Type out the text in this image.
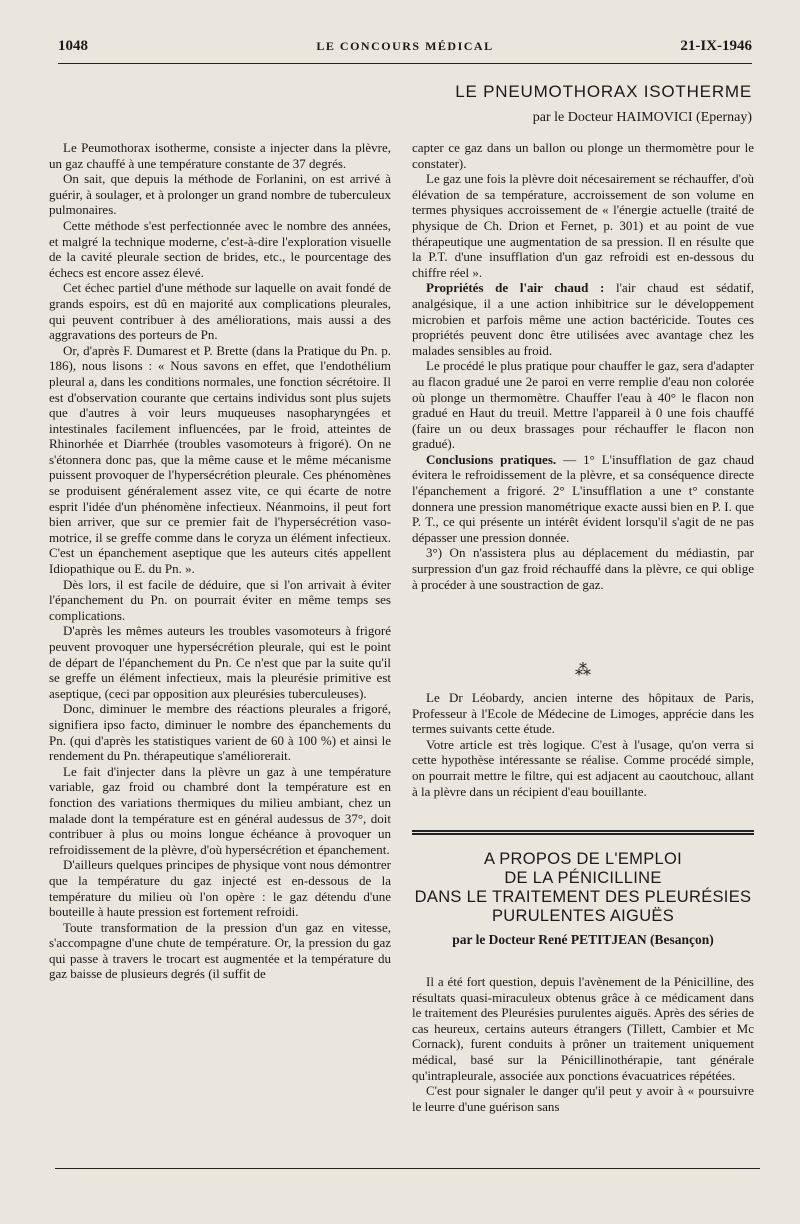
1048	LE CONCOURS MÉDICAL	21-IX-1946
LE PNEUMOTHORAX ISOTHERME
par le Docteur HAIMOVICI (Epernay)

Le Peumothorax isotherme, consiste a injecter dans la plèvre, un gaz chauffé à une température constante de 37 degrés.

On sait, que depuis la méthode de Forlanini, on est arrivé à guérir, à soulager, et à prolonger un grand nombre de tuberculeux pulmonaires.

Cette méthode s'est perfectionnée avec le nombre des années, et malgré la technique moderne, c'est-à-dire l'exploration visuelle de la cavité pleurale section de brides, etc., le pourcentage des échecs est encore assez élevé.

Cet échec partiel d'une méthode sur laquelle on avait fondé de grands espoirs, est dû en majorité aux complications pleurales, qui peuvent contribuer à des améliorations, mais aussi a des aggravations des porteurs de Pn.

Or, d'après F. Dumarest et P. Brette (dans la Pratique du Pn. p. 186), nous lisons : « Nous savons en effet, que l'endothélium pleural a, dans les conditions normales, une fonction sécrétoire. Il est d'observation courante que certains individus sont plus sujets que d'autres à voir leurs muqueuses nasopharyngées et intestinales facilement influencées, par le froid, atteintes de Rhinorhée et Diarrhée (troubles vasomoteurs à frigoré). On ne s'étonnera donc pas, que la même cause et le même mécanisme puissent provoquer de l'hypersécrétion pleurale. Ces phénomènes se produisent généralement assez vite, ce qui écarte de notre esprit l'idée d'un phénomène infectieux. Néanmoins, il peut fort bien arriver, que sur ce premier fait de l'hypersécrétion vaso-motrice, il se greffe comme dans le coryza un élément infectieux. C'est un épanchement aseptique que les auteurs cités appellent Idiopathique ou E. du Pn. ».

Dès lors, il est facile de déduire, que si l'on arrivait à éviter l'épanchement du Pn. on pourrait éviter en même temps ses complications.

D'après les mêmes auteurs les troubles vasomoteurs à frigoré peuvent provoquer une hypersécrétion pleurale, qui est le point de départ de l'épanchement du Pn. Ce n'est que par la suite qu'il se greffe un élément infectieux, mais la pleurésie primitive est aseptique, (ceci par opposition aux pleurésies tuberculeuses).

Donc, diminuer le membre des réactions pleurales a frigoré, signifiera ipso facto, diminuer le nombre des épanchements du Pn. (qui d'après les statistiques varient de 60 à 100 %) et ainsi le rendement du Pn. thérapeutique s'améliorerait.

Le fait d'injecter dans la plèvre un gaz à une température variable, gaz froid ou chambré dont la température est en fonction des variations thermiques du milieu ambiant, chez un malade dont la température est en général audessus de 37°, doit contribuer à plus ou moins longue échéance à provoquer un refroidissement de la plèvre, d'où hypersécrétion et épanchement.

D'ailleurs quelques principes de physique vont nous démontrer que la température du gaz injecté est en-dessous de la température du milieu où l'on opère : le gaz détendu d'une bouteille à haute pression est fortement refroidi.

Toute transformation de la pression d'un gaz en vitesse, s'accompagne d'une chute de température. Or, la pression du gaz qui passe à travers le trocart est augmentée et la température du gaz baisse de plusieurs degrés (il suffit de

capter ce gaz dans un ballon ou plonge un thermomètre pour le constater).

Le gaz une fois la plèvre doit nécesairement se réchauffer, d'où élévation de sa température, accroissement de son volume en termes physiques accroissement de « l'énergie actuelle (traité de physique de Ch. Drion et Fernet, p. 301) et au point de vue thérapeutique une augmentation de sa pression. Il en résulte que la P.T. d'une insufflation d'un gaz refroidi est en-dessous du chiffre réel ».

Propriétés de l'air chaud : l'air chaud est sédatif, analgésique, il a une action inhibitrice sur le développement microbien et parfois même une action bactéricide. Toutes ces propriétés peuvent donc être utilisées avec avantage chez les malades sensibles au froid.

Le procédé le plus pratique pour chauffer le gaz, sera d'adapter au flacon gradué une 2e paroi en verre remplie d'eau non colorée où plonge un thermomètre. Chauffer l'eau à 40° le flacon non gradué en Haut du treuil. Mettre l'appareil à 0 une fois chauffé (faire un ou deux brassages pour réchauffer le flacon non gradué).

Conclusions pratiques. — 1° L'insufflation de gaz chaud évitera le refroidissement de la plèvre, et sa conséquence directe l'épanchement a frigoré. 2° L'insufflation a une t° constante donnera une pression manométrique exacte aussi bien en P. I. que P. T., ce qui présente un intérêt évident lorsqu'il s'agit de ne pas dépasser une pression donnée.

3°) On n'assistera plus au déplacement du médiastin, par surpression d'un gaz froid réchauffé dans la plèvre, ce qui oblige à procéder à une soustraction de gaz.

⁂

Le Dr Léobardy, ancien interne des hôpitaux de Paris, Professeur à l'Ecole de Médecine de Limoges, apprécie dans les termes suivants cette étude.

Votre article est très logique. C'est à l'usage, qu'on verra si cette hypothèse intéressante se réalise. Comme procédé simple, on pourrait mettre le filtre, qui est adjacent au caoutchouc, allant à la plèvre dans un récipient d'eau bouillante.

A PROPOS DE L'EMPLOI
DE LA PÉNICILLINE
DANS LE TRAITEMENT DES PLEURÉSIES
PURULENTES AIGUËS
par le Docteur René PETITJEAN (Besançon)

Il a été fort question, depuis l'avènement de la Pénicilline, des résultats quasi-miraculeux obtenus grâce à ce médicament dans le traitement des Pleurésies purulentes aiguës. Après des séries de cas heureux, certains auteurs étrangers (Tillett, Cambier et Mc Cornack), furent conduits à prôner un traitement uniquement médical, basé sur la Pénicillinothérapie, tant générale qu'intrapleurale, associée aux ponctions évacuatrices répétées.

C'est pour signaler le danger qu'il peut y avoir à « poursuivre le leurre d'une guérison sans
